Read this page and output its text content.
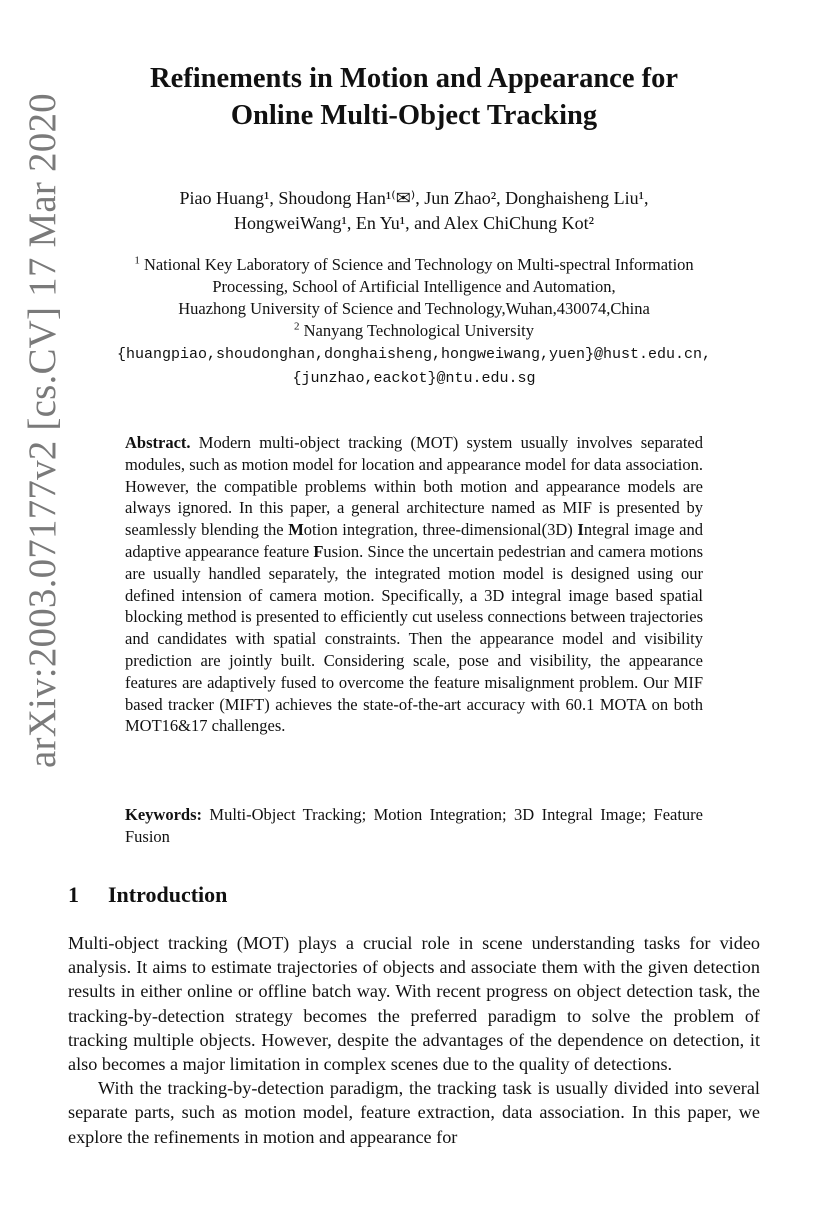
arXiv:2003.07177v2 [cs.CV] 17 Mar 2020
Refinements in Motion and Appearance for
Online Multi-Object Tracking

Piao Huang¹, Shoudong Han¹⁽✉⁾, Jun Zhao², Donghaisheng Liu¹,
HongweiWang¹, En Yu¹, and Alex ChiChung Kot²

$^1$ National Key Laboratory of Science and Technology on Multi-spectral Information
Processing, School of Artificial Intelligence and Automation,
Huazhong University of Science and Technology,Wuhan,430074,China
$^2$ Nanyang Technological University
{huangpiao,shoudonghan,donghaisheng,hongweiwang,yuen}@hust.edu.cn,
{junzhao,eackot}@ntu.edu.sg

Abstract. Modern multi-object tracking (MOT) system usually involves separated modules, such as motion model for location and appearance model for data association. However, the compatible problems within both motion and appearance models are always ignored. In this paper, a general architecture named as MIF is presented by seamlessly blending the Motion integration, three-dimensional(3D) Integral image and adaptive appearance feature Fusion. Since the uncertain pedestrian and camera motions are usually handled separately, the integrated motion model is designed using our defined intension of camera motion. Specifically, a 3D integral image based spatial blocking method is presented to efficiently cut useless connections between trajectories and candidates with spatial constraints. Then the appearance model and visibility prediction are jointly built. Considering scale, pose and visibility, the appearance features are adaptively fused to overcome the feature misalignment problem. Our MIF based tracker (MIFT) achieves the state-of-the-art accuracy with 60.1 MOTA on both MOT16&17 challenges.

Keywords: Multi-Object Tracking; Motion Integration; 3D Integral Image; Feature Fusion

1 Introduction

Multi-object tracking (MOT) plays a crucial role in scene understanding tasks for video analysis. It aims to estimate trajectories of objects and associate them with the given detection results in either online or offline batch way. With recent progress on object detection task, the tracking-by-detection strategy becomes the preferred paradigm to solve the problem of tracking multiple objects. However, despite the advantages of the dependence on detection, it also becomes a major limitation in complex scenes due to the quality of detections.

With the tracking-by-detection paradigm, the tracking task is usually divided into several separate parts, such as motion model, feature extraction, data association. In this paper, we explore the refinements in motion and appearance for
